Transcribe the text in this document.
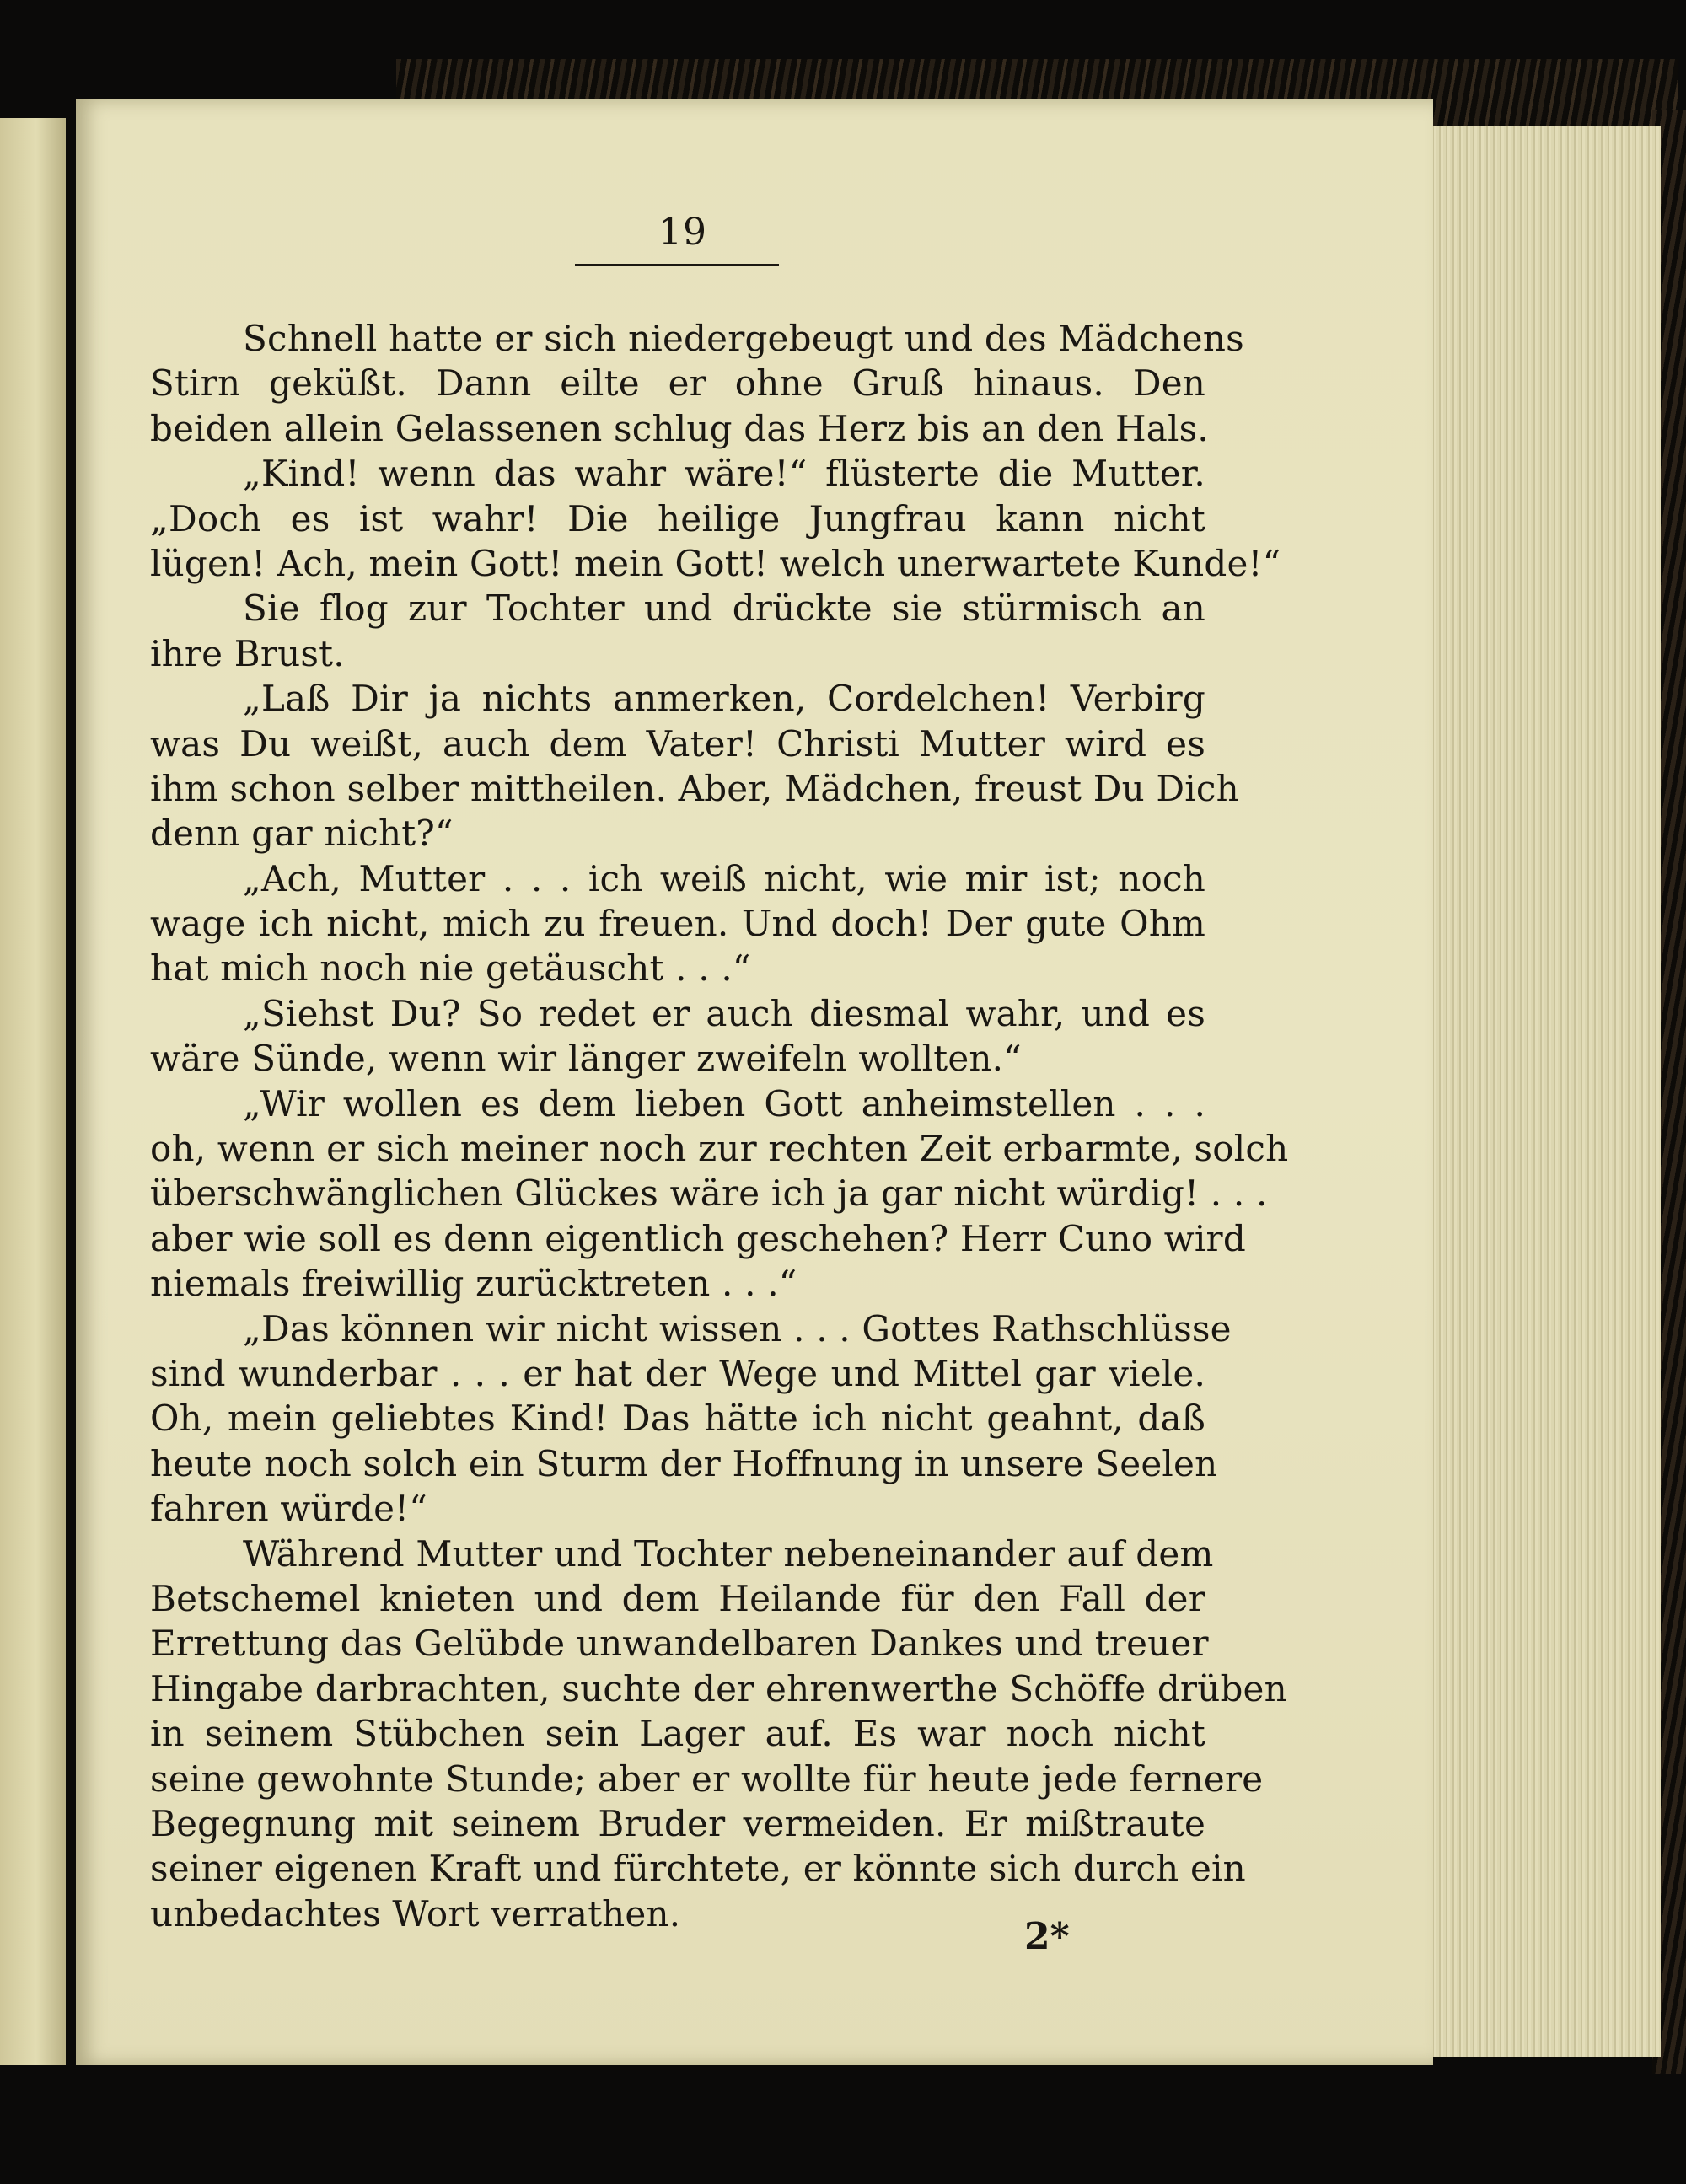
19
Schnell hatte er sich niedergebeugt und des Mädchens
Stirn geküßt. Dann eilte er ohne Gruß hinaus. Den
beiden allein Gelassenen schlug das Herz bis an den Hals.
„Kind! wenn das wahr wäre!“ flüsterte die Mutter.
„Doch es ist wahr! Die heilige Jungfrau kann nicht
lügen! Ach, mein Gott! mein Gott! welch unerwartete Kunde!“
Sie flog zur Tochter und drückte sie stürmisch an
ihre Brust.
„Laß Dir ja nichts anmerken, Cordelchen! Verbirg
was Du weißt, auch dem Vater! Christi Mutter wird es
ihm schon selber mittheilen. Aber, Mädchen, freust Du Dich
denn gar nicht?“
„Ach, Mutter . . . ich weiß nicht, wie mir ist; noch
wage ich nicht, mich zu freuen. Und doch! Der gute Ohm
hat mich noch nie getäuscht . . .“
„Siehst Du? So redet er auch diesmal wahr, und es
wäre Sünde, wenn wir länger zweifeln wollten.“
„Wir wollen es dem lieben Gott anheimstellen . . .
oh, wenn er sich meiner noch zur rechten Zeit erbarmte, solch
überschwänglichen Glückes wäre ich ja gar nicht würdig! . . .
aber wie soll es denn eigentlich geschehen? Herr Cuno wird
niemals freiwillig zurücktreten . . .“
„Das können wir nicht wissen . . . Gottes Rathschlüsse
sind wunderbar . . . er hat der Wege und Mittel gar viele.
Oh, mein geliebtes Kind! Das hätte ich nicht geahnt, daß
heute noch solch ein Sturm der Hoffnung in unsere Seelen
fahren würde!“
Während Mutter und Tochter nebeneinander auf dem
Betschemel knieten und dem Heilande für den Fall der
Errettung das Gelübde unwandelbaren Dankes und treuer
Hingabe darbrachten, suchte der ehrenwerthe Schöffe drüben
in seinem Stübchen sein Lager auf. Es war noch nicht
seine gewohnte Stunde; aber er wollte für heute jede fernere
Begegnung mit seinem Bruder vermeiden. Er mißtraute
seiner eigenen Kraft und fürchtete, er könnte sich durch ein
unbedachtes Wort verrathen.
2*
